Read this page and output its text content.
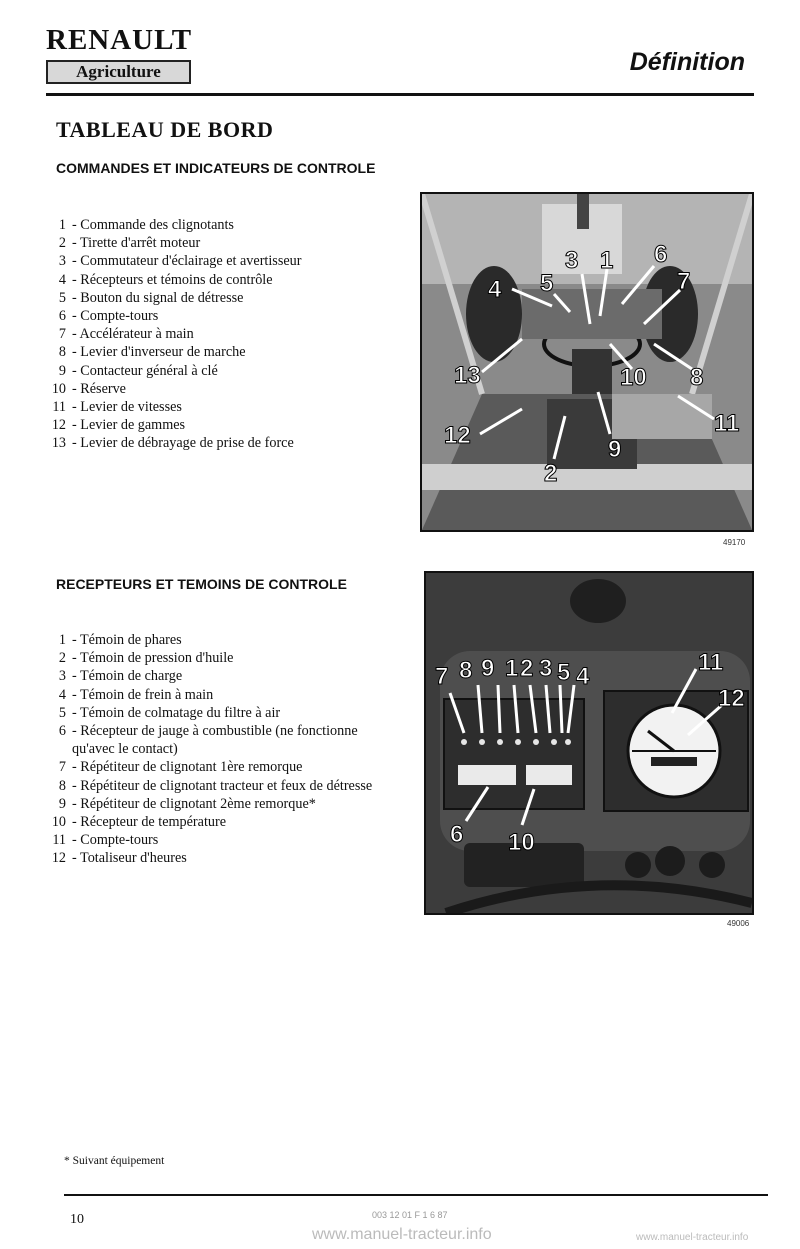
RENAULT
Agriculture	Définition
TABLEAU DE BORD
COMMANDES ET INDICATEURS DE CONTROLE
1	- Commande des clignotants
2 - Tirette d'arrêt moteur
3	- Commutateur d'éclairage et avertisseur
4	- Récepteurs et témoins de contrôle
5	- Bouton du signal de détresse
6	- Compte-tours
7 - Accélérateur à main
8	- Levier d'inverseur de marche
9	- Contacteur général à clé
10	- Réserve
11	- Levier de vitesses
12	- Levier de gammes
13	- Levier de débrayage de prise de force
3 1 6
4 5	7
13	10 8
12
9
11
2
49170
RECEPTEURS ET TEMOINS DE CONTROLE
1 - Témoin de phares
2 - Témoin de pression d'huile
3 - Témoin de charge
4 - Témoin de frein à main
5 - Témoin de colmatage du filtre à air
6	- Récepteur de jauge à combustible (ne fonctionne qu'avec le contact)
7	- Répétiteur de clignotant 1ère remorque
8	- Répétiteur de clignotant tracteur et feux de détresse
9	- Répétiteur de clignotant 2ème remorque*
10	- Récepteur de température
11	- Compte-tours
12 - Totaliseur d'heures
7 8 9 1 2 3 5 4
11
12
6 10
49006
* Suivant équipement
10	003 12 01 F 1 6 87
www.manuel-tracteur.info	www.manuel-tracteur.info
